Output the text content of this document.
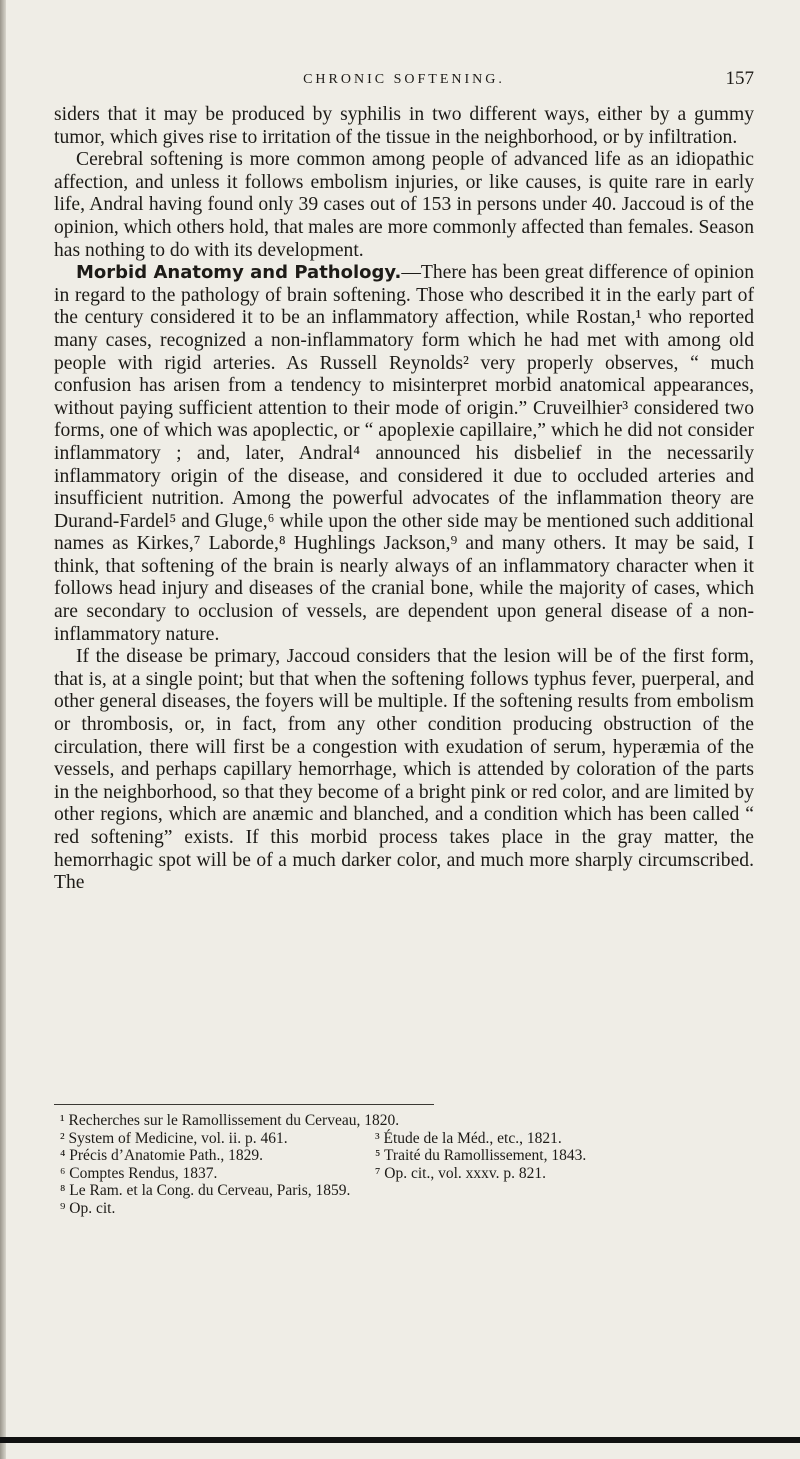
CHRONIC SOFTENING.	157

siders that it may be produced by syphilis in two different ways, either by a gummy tumor, which gives rise to irritation of the tissue in the neighborhood, or by infiltration.

Cerebral softening is more common among people of advanced life as an idiopathic affection, and unless it follows embolism injuries, or like causes, is quite rare in early life, Andral having found only 39 cases out of 153 in persons under 40. Jaccoud is of the opinion, which others hold, that males are more commonly affected than females. Season has nothing to do with its development.

Morbid Anatomy and Pathology.—There has been great difference of opinion in regard to the pathology of brain softening. Those who described it in the early part of the century considered it to be an inflammatory affection, while Rostan,¹ who reported many cases, recognized a non-inflammatory form which he had met with among old people with rigid arteries. As Russell Reynolds² very properly observes, “ much confusion has arisen from a tendency to misinterpret morbid anatomical appearances, without paying sufficient attention to their mode of origin.” Cruveilhier³ considered two forms, one of which was apoplectic, or “ apoplexie capillaire,” which he did not consider inflammatory ; and, later, Andral⁴ announced his disbelief in the necessarily inflammatory origin of the disease, and considered it due to occluded arteries and insufficient nutrition. Among the powerful advocates of the inflammation theory are Durand-Fardel⁵ and Gluge,⁶ while upon the other side may be mentioned such additional names as Kirkes,⁷ Laborde,⁸ Hughlings Jackson,⁹ and many others. It may be said, I think, that softening of the brain is nearly always of an inflammatory character when it follows head injury and diseases of the cranial bone, while the majority of cases, which are secondary to occlusion of vessels, are dependent upon general disease of a non-inflammatory nature.

If the disease be primary, Jaccoud considers that the lesion will be of the first form, that is, at a single point; but that when the softening follows typhus fever, puerperal, and other general diseases, the foyers will be multiple. If the softening results from embolism or thrombosis, or, in fact, from any other condition producing obstruction of the circulation, there will first be a congestion with exudation of serum, hyperæmia of the vessels, and perhaps capillary hemorrhage, which is attended by coloration of the parts in the neighborhood, so that they become of a bright pink or red color, and are limited by other regions, which are anæmic and blanched, and a condition which has been called “ red softening” exists. If this morbid process takes place in the gray matter, the hemorrhagic spot will be of a much darker color, and much more sharply circumscribed. The

¹ Recherches sur le Ramollissement du Cerveau, 1820.
² System of Medicine, vol. ii. p. 461.	³ Étude de la Méd., etc., 1821.
⁴ Précis d’Anatomie Path., 1829.	⁵ Traité du Ramollissement, 1843.
⁶ Comptes Rendus, 1837.	⁷ Op. cit., vol. xxxv. p. 821.
⁸ Le Ram. et la Cong. du Cerveau, Paris, 1859.
⁹ Op. cit.
